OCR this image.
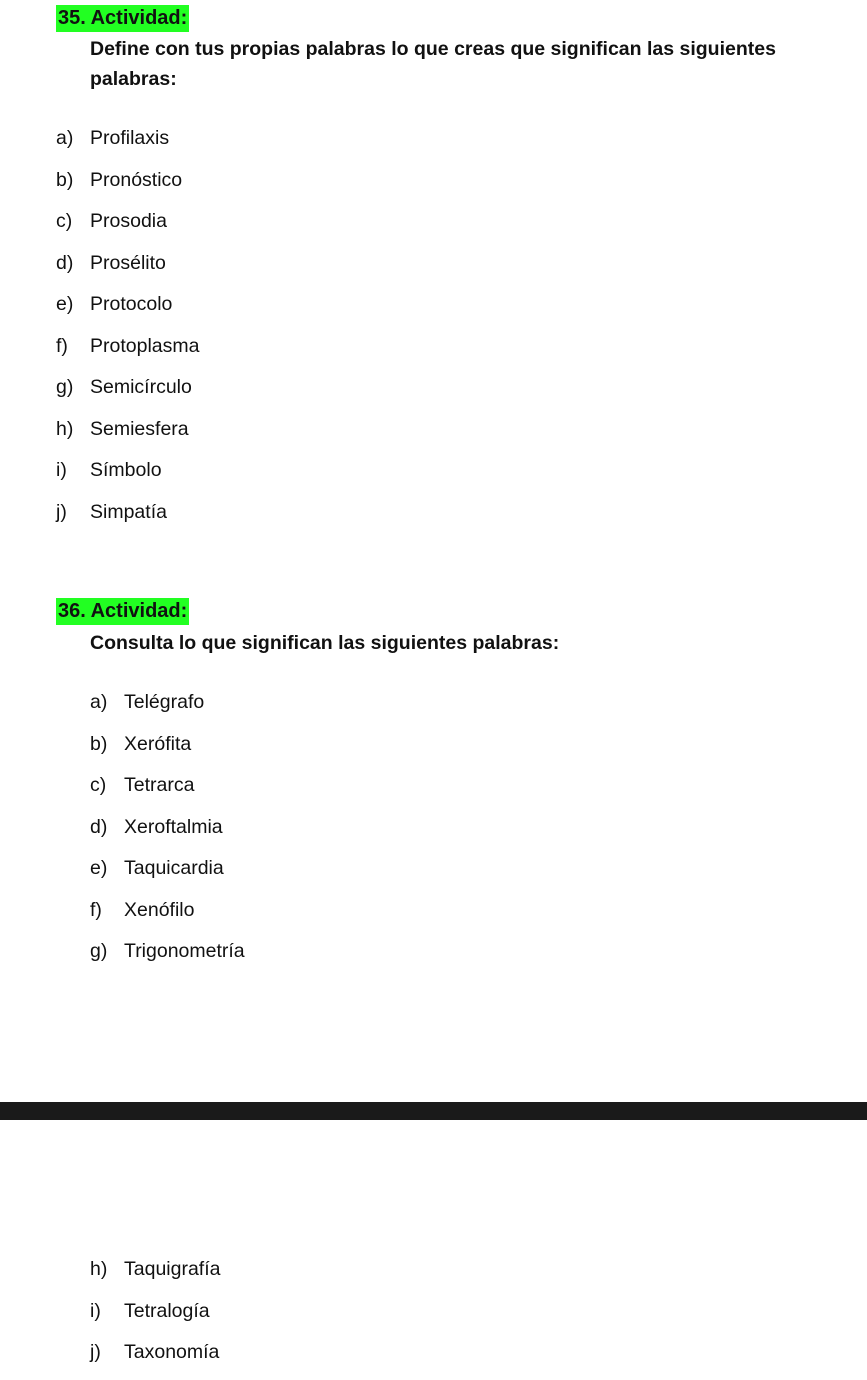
35. Actividad:
Define con tus propias palabras lo que creas que significan las siguientes palabras:
a) Profilaxis
b) Pronóstico
c) Prosodia
d) Prosélito
e) Protocolo
f) Protoplasma
g) Semicírculo
h) Semiesfera
i) Símbolo
j) Simpatía
36. Actividad:
Consulta lo que significan las siguientes palabras:
a) Telégrafo
b) Xerófita
c) Tetrarca
d) Xeroftalmia
e) Taquicardia
f) Xenófilo
g) Trigonometría
h) Taquigrafía
i) Tetralogía
j) Taxonomía
